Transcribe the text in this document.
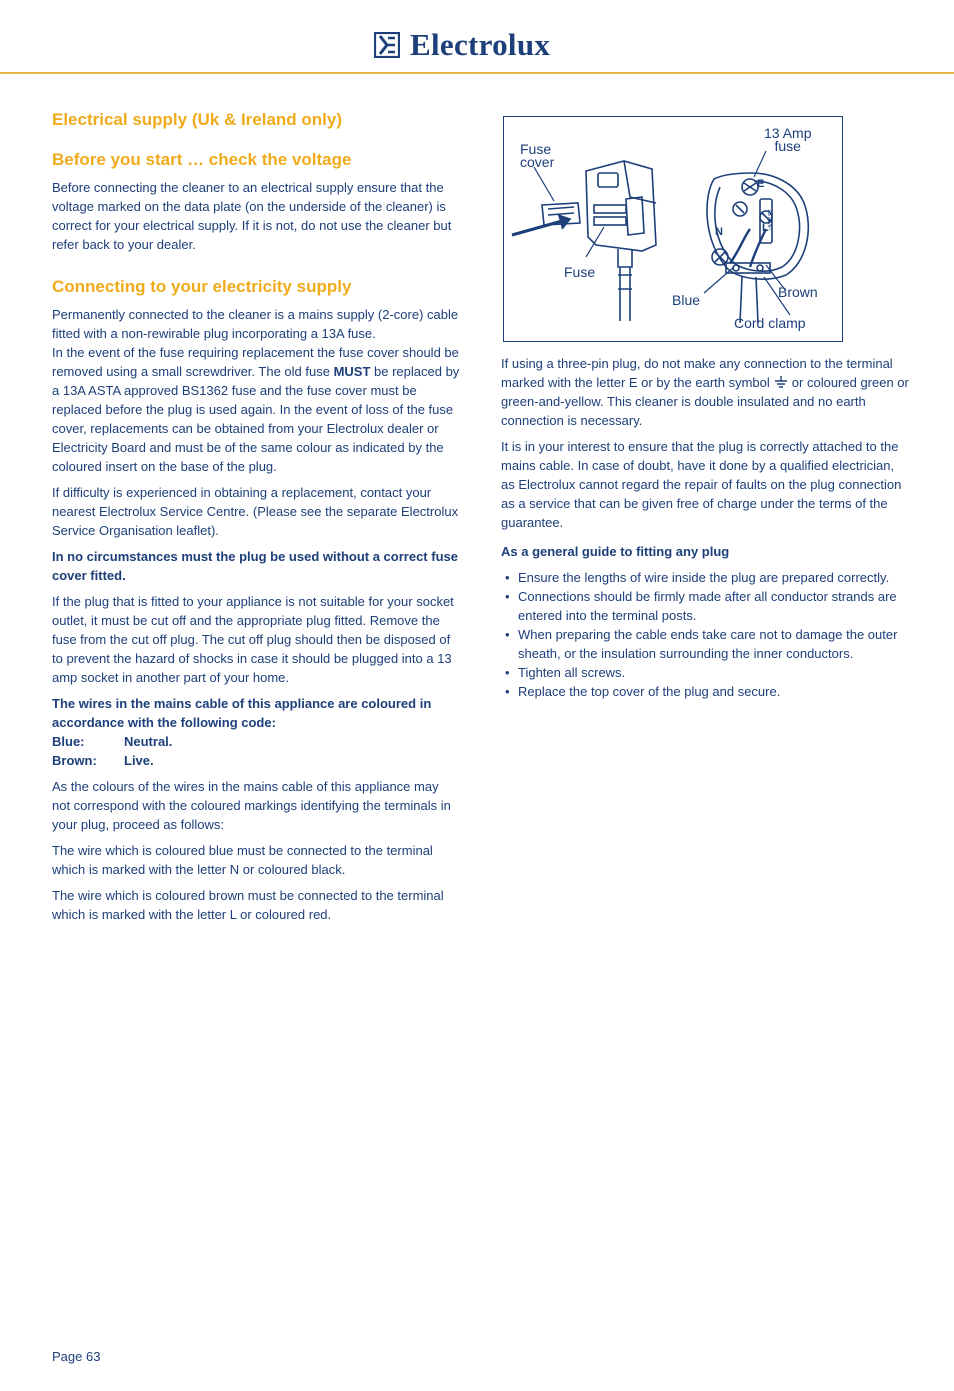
Electrolux
Electrical supply (Uk & Ireland only)
Before you start … check the voltage

Before connecting the cleaner to an electrical supply ensure that the voltage marked on the data plate (on the underside of the cleaner) is correct for your electrical supply. If it is not, do not use the cleaner but refer back to your dealer.

Connecting to your electricity supply

Permanently connected to the cleaner is a mains supply (2-core) cable fitted with a non-rewirable plug incorporating a 13A fuse.

In the event of the fuse requiring replacement the fuse cover should be removed using a small screwdriver. The old fuse MUST be replaced by a 13A ASTA approved BS1362 fuse and the fuse cover must be replaced before the plug is used again. In the event of loss of the fuse cover, replacements can be obtained from your Electrolux dealer or Electricity Board and must be of the same colour as indicated by the coloured insert on the base of the plug.

If difficulty is experienced in obtaining a replacement, contact your nearest Electrolux Service Centre. (Please see the separate Electrolux Service Organisation leaflet).

In no circumstances must the plug be used without a correct fuse cover fitted.

If the plug that is fitted to your appliance is not suitable for your socket outlet, it must be cut off and the appropriate plug fitted. Remove the fuse from the cut off plug. The cut off plug should then be disposed of to prevent the hazard of shocks in case it should be plugged into a 13 amp socket in another part of your home.

The wires in the mains cable of this appliance are coloured in accordance with the following code:

Blue:	Neutral.
Brown:	Live.

As the colours of the wires in the mains cable of this appliance may not correspond with the coloured markings identifying the terminals in your plug, proceed as follows:

The wire which is coloured blue must be connected to the terminal which is marked with the letter N or coloured black.

The wire which is coloured brown must be connected to the terminal which is marked with the letter L or coloured red.

Fuse
cover
13 Amp
fuse
Fuse
Blue	Brown
Cord clamp
E
N	L
13 AMP

If using a three-pin plug, do not make any connection to the terminal marked with the letter E or by the earth symbol or coloured green or green-and-yellow. This cleaner is double insulated and no earth connection is necessary.

It is in your interest to ensure that the plug is correctly attached to the mains cable. In case of doubt, have it done by a qualified electrician, as Electrolux cannot regard the repair of faults on the plug connection as a service that can be given free of charge under the terms of the guarantee.

As a general guide to fitting any plug

• Ensure the lengths of wire inside the plug are prepared correctly.
• Connections should be firmly made after all conductor strands are entered into the terminal posts.
• When preparing the cable ends take care not to damage the outer sheath, or the insulation surrounding the inner conductors.
• Tighten all screws.
• Replace the top cover of the plug and secure.
Page 63
